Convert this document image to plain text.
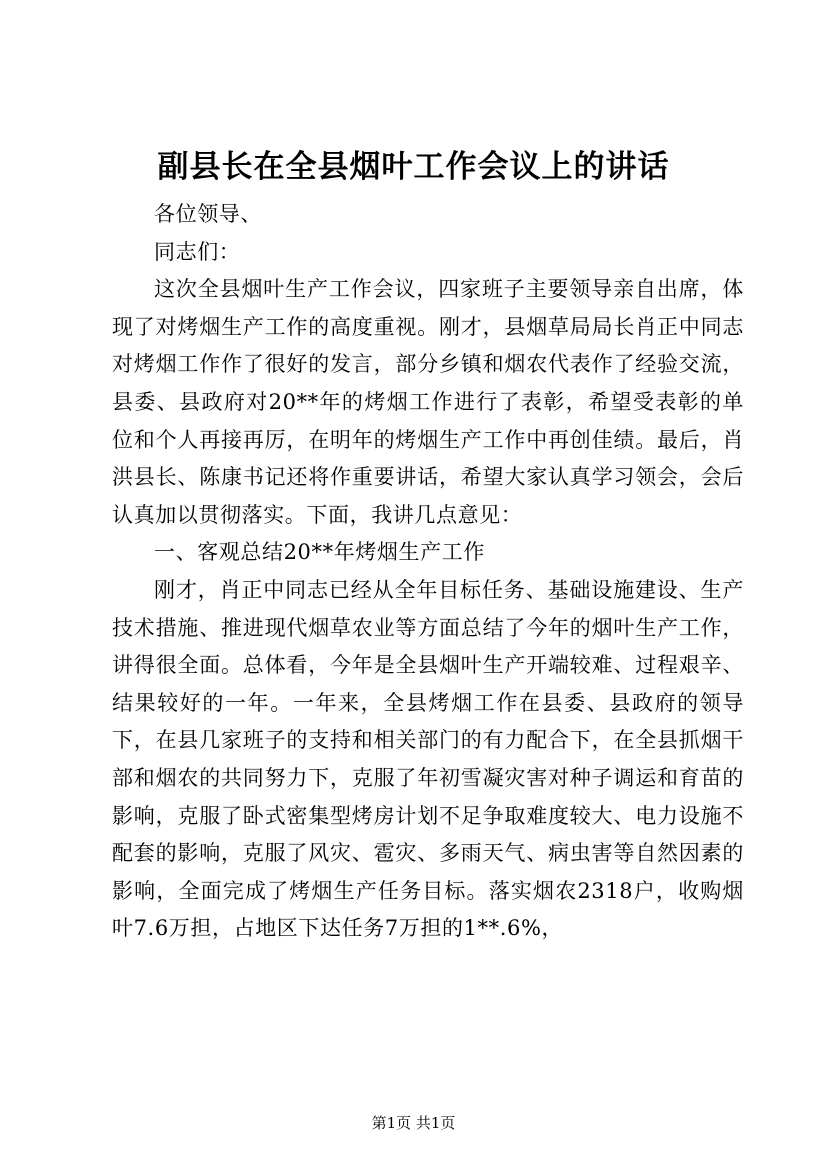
副县长在全县烟叶工作会议上的讲话

各位领导、

同志们：

这次全县烟叶生产工作会议，四家班子主要领导亲自出席，体现了对烤烟生产工作的高度重视。刚才，县烟草局局长肖正中同志对烤烟工作作了很好的发言，部分乡镇和烟农代表作了经验交流，县委、县政府对20**年的烤烟工作进行了表彰，希望受表彰的单位和个人再接再厉，在明年的烤烟生产工作中再创佳绩。最后，肖洪县长、陈康书记还将作重要讲话，希望大家认真学习领会，会后认真加以贯彻落实。下面，我讲几点意见：

一、客观总结20**年烤烟生产工作

刚才，肖正中同志已经从全年目标任务、基础设施建设、生产技术措施、推进现代烟草农业等方面总结了今年的烟叶生产工作，讲得很全面。总体看，今年是全县烟叶生产开端较难、过程艰辛、结果较好的一年。一年来，全县烤烟工作在县委、县政府的领导下，在县几家班子的支持和相关部门的有力配合下，在全县抓烟干部和烟农的共同努力下，克服了年初雪凝灾害对种子调运和育苗的影响，克服了卧式密集型烤房计划不足争取难度较大、电力设施不配套的影响，克服了风灾、雹灾、多雨天气、病虫害等自然因素的影响，全面完成了烤烟生产任务目标。落实烟农2318户，收购烟叶7.6万担，占地区下达任务7万担的1**.6%，

第1页 共1页
